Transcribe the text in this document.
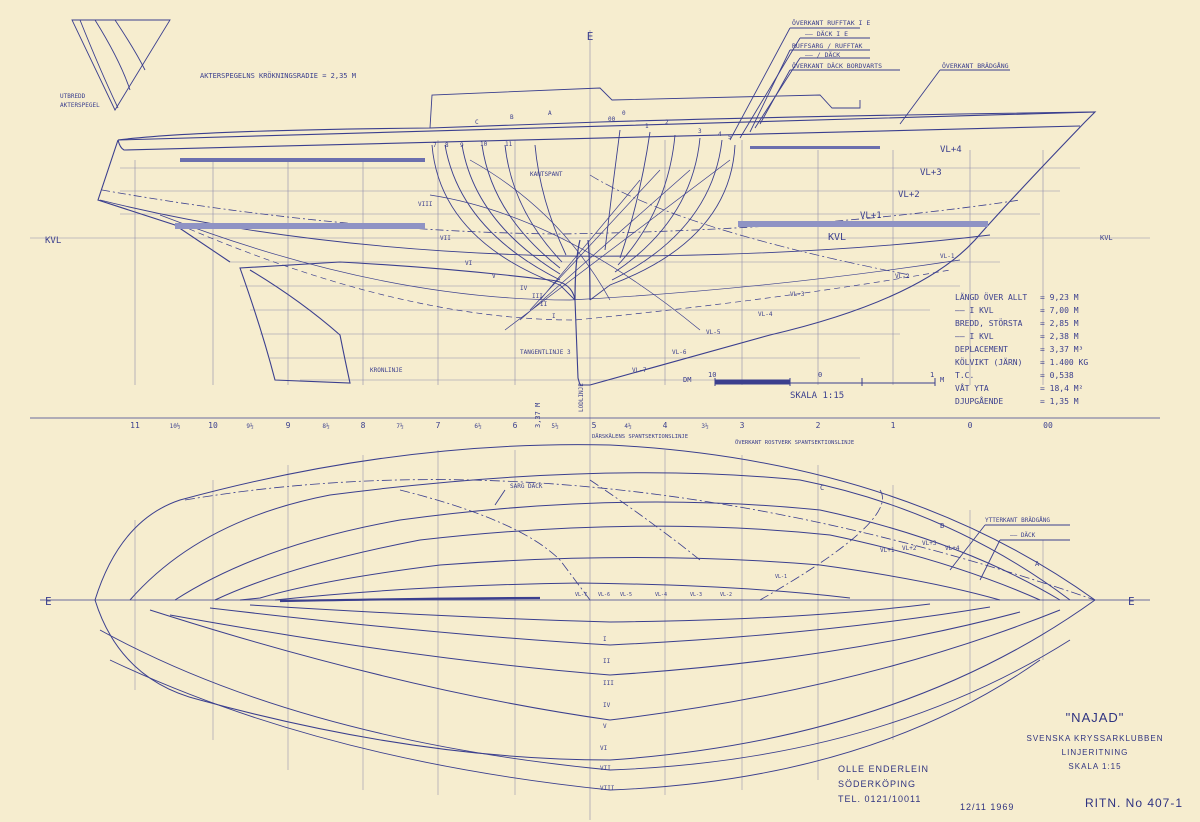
E
AKTERSPEGELNS KRÖKNINGSRADIE = 2,35 M
UTBREDD
AKTERSPEGEL
KVL	KVL	KVL
KANTSPANT
TANGENTLINJE 3
KRONLINJE
LODLINJE
3,37 M
VL+4
VL+3
VL+2
VL+1
VL-1
VL-2
VL-3
VL-4
VL-5
VL-6
VL-7
C
B
A
00
0
1
2
3	4 5
7 8 9	10	11
VIII
VII
VI
V
IV
III
II
I
ÖVERKANT RUFFTAK I E
—— DÄCK I E
RUFFSARG / RUFFTAK
—— / DÄCK
ÖVERKANT DÄCK BORDVARTS	ÖVERKANT BRÄDGÅNG
11	10½	10	9½	9	8½	8	7½	7	6½	6	5½	5	4½	4	3½	3	2	1	0	00
DM
10	0	1
M
SKALA 1:15
LÄNGD ÖVER ALLT = 9,23 M
—— I KVL	= 7,00 M
BREDD, STÖRSTA = 2,85 M
—— I KVL	= 2,38 M
DEPLACEMENT	= 3,37 M³
KÖLVIKT (JÄRN) = 1.400 KG
T.C.	= 0,538
VÅT YTA	= 18,4 M²
DJUPGÅENDE	= 1,35 M
E	E
SARG DÄCK
DÄRSKÄLENS SPANTSEKTIONSLINJE
ÖVERKANT ROSTVERK SPANTSEKTIONSLINJE
YTTERKANT BRÄDGÅNG
—— DÄCK
B
C
A
VL+4
VL+3
VL+2
VL+1
VL-1
VL-2
VL-3
VL-4
VL-5
VL-6
VL-7
I
II
III
IV
V
VI
VII
VIII
"NAJAD"
SVENSKA KRYSSARKLUBBEN
LINJERITNING
SKALA 1:15
OLLE ENDERLEIN
SÖDERKÖPING
TEL. 0121/10011
12/11 1969	RITN. No 407-1
